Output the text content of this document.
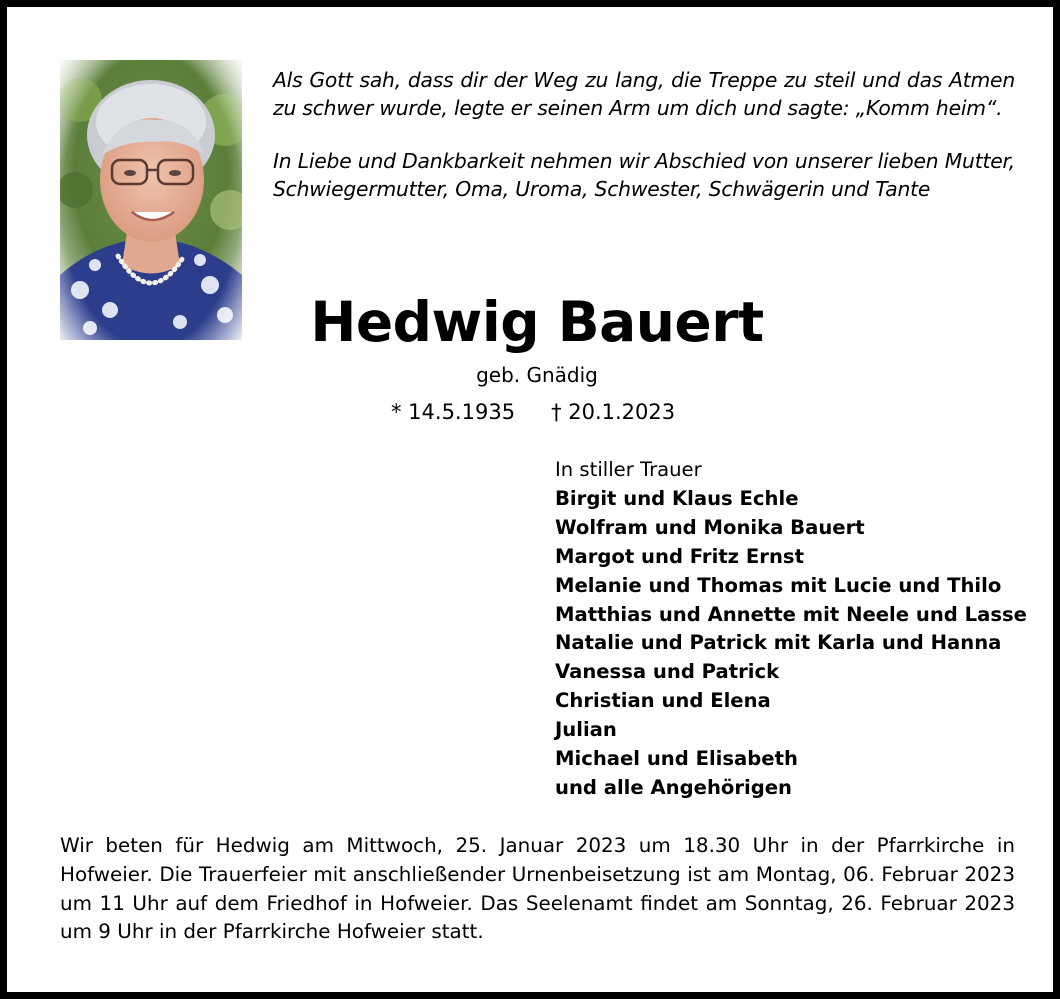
Als Gott sah, dass dir der Weg zu lang, die Treppe zu steil und das Atmen zu schwer wurde, legte er seinen Arm um dich und sagte: „Komm heim“.

In Liebe und Dankbarkeit nehmen wir Abschied von unserer lieben Mutter, Schwiegermutter, Oma, Uroma, Schwester, Schwägerin und Tante

Hedwig Bauert
geb. Gnädig
* 14.5.1935 † 20.1.2023
In stiller Trauer
Birgit und Klaus Echle
Wolfram und Monika Bauert
Margot und Fritz Ernst
Melanie und Thomas mit Lucie und Thilo
Matthias und Annette mit Neele und Lasse
Natalie und Patrick mit Karla und Hanna
Vanessa und Patrick
Christian und Elena
Julian
Michael und Elisabeth
und alle Angehörigen

Wir beten für Hedwig am Mittwoch, 25. Januar 2023 um 18.30 Uhr in der Pfarrkirche in Hofweier. Die Trauerfeier mit anschließender Urnenbeisetzung ist am Montag, 06. Februar 2023 um 11 Uhr auf dem Friedhof in Hofweier. Das Seelenamt findet am Sonntag, 26. Februar 2023 um 9 Uhr in der Pfarrkirche Hofweier statt.
